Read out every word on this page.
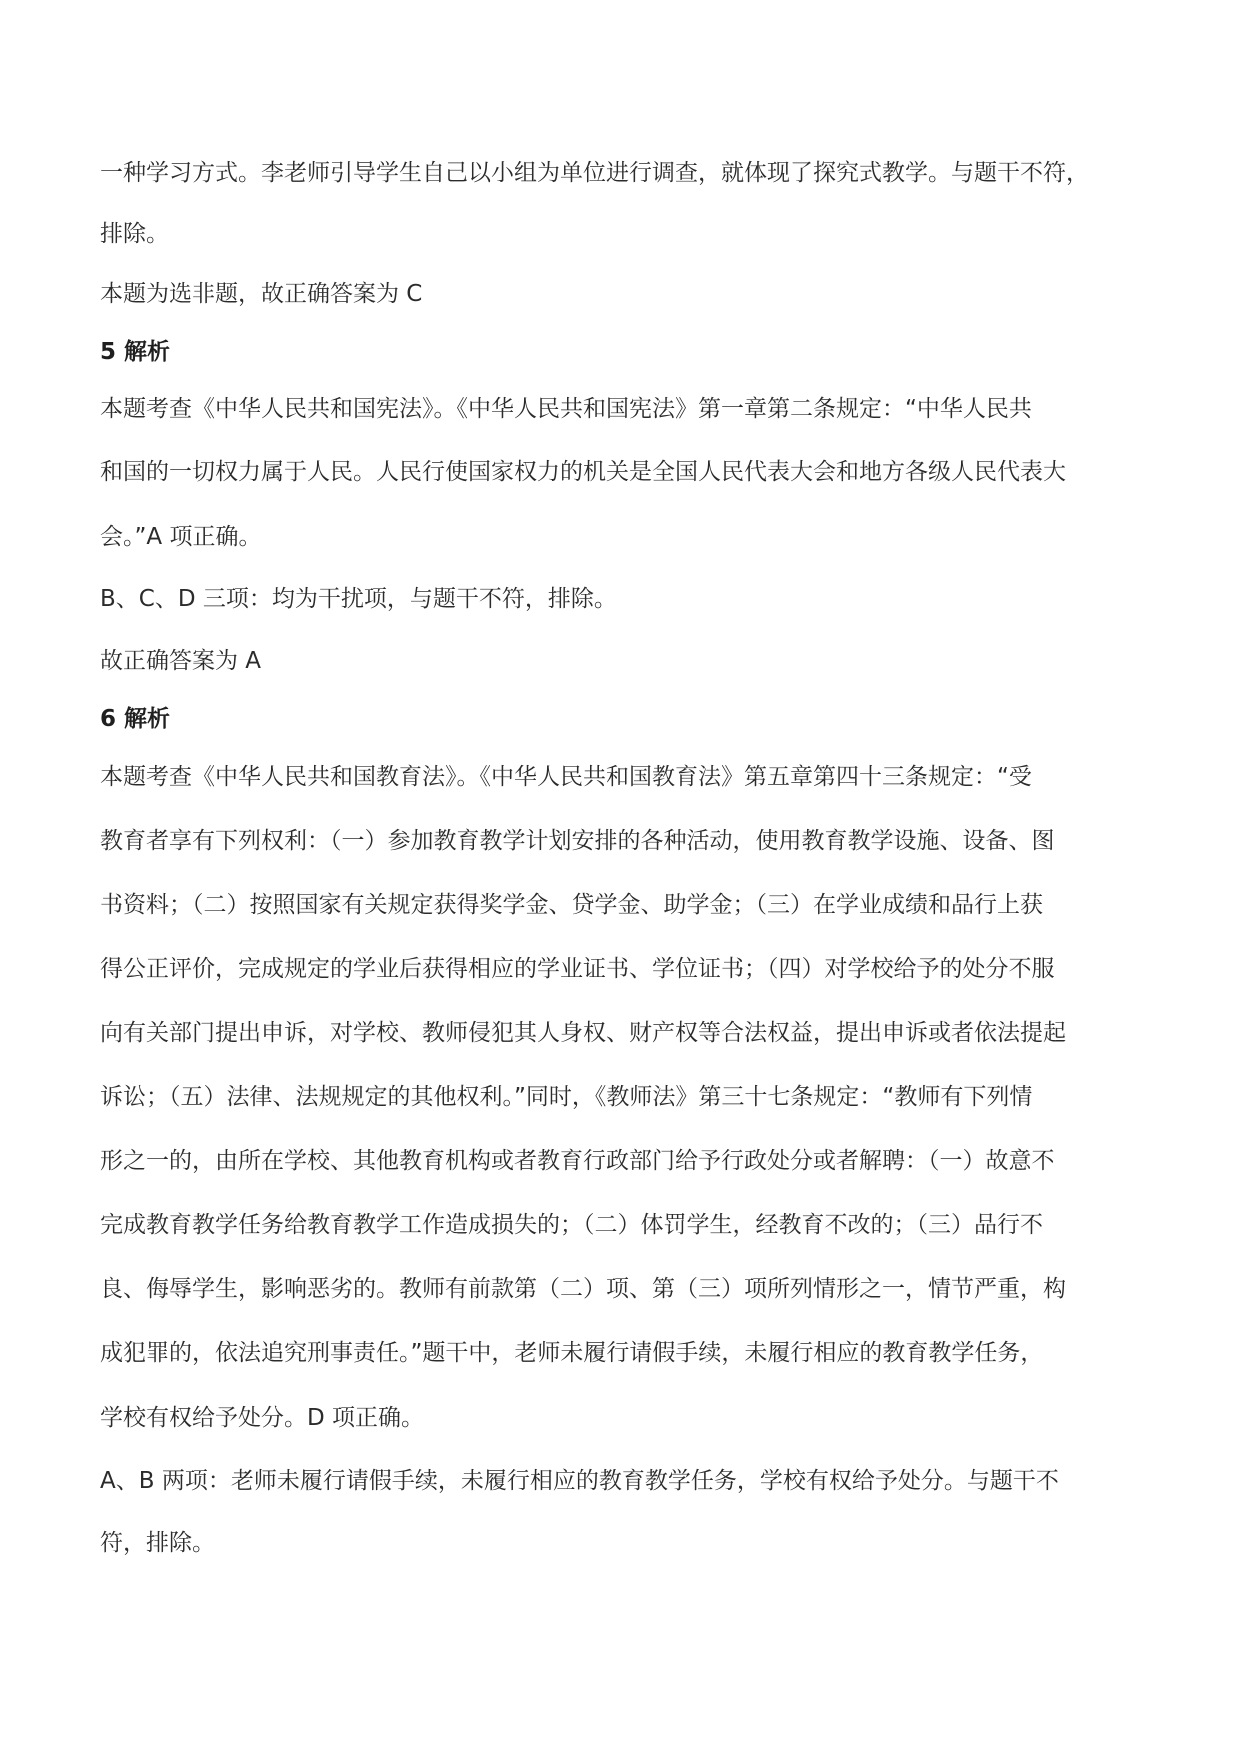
一种学习方式。李老师引导学生自己以小组为单位进行调查，就体现了探究式教学。与题干不符，

排除。

本题为选非题，故正确答案为 C

5 解析

本题考查《中华人民共和国宪法》。《中华人民共和国宪法》第一章第二条规定：“中华人民共

和国的一切权力属于人民。人民行使国家权力的机关是全国人民代表大会和地方各级人民代表大

会。”A 项正确。

B、C、D 三项：均为干扰项，与题干不符，排除。

故正确答案为 A

6 解析

本题考查《中华人民共和国教育法》。《中华人民共和国教育法》第五章第四十三条规定：“受

教育者享有下列权利：（一）参加教育教学计划安排的各种活动，使用教育教学设施、设备、图

书资料；（二）按照国家有关规定获得奖学金、贷学金、助学金；（三）在学业成绩和品行上获

得公正评价，完成规定的学业后获得相应的学业证书、学位证书；（四）对学校给予的处分不服

向有关部门提出申诉，对学校、教师侵犯其人身权、财产权等合法权益，提出申诉或者依法提起

诉讼；（五）法律、法规规定的其他权利。”同时，《教师法》第三十七条规定：“教师有下列情

形之一的，由所在学校、其他教育机构或者教育行政部门给予行政处分或者解聘：（一）故意不

完成教育教学任务给教育教学工作造成损失的；（二）体罚学生，经教育不改的；（三）品行不

良、侮辱学生，影响恶劣的。教师有前款第（二）项、第（三）项所列情形之一，情节严重，构

成犯罪的，依法追究刑事责任。”题干中，老师未履行请假手续，未履行相应的教育教学任务，

学校有权给予处分。D 项正确。

A、B 两项：老师未履行请假手续，未履行相应的教育教学任务，学校有权给予处分。与题干不

符，排除。
